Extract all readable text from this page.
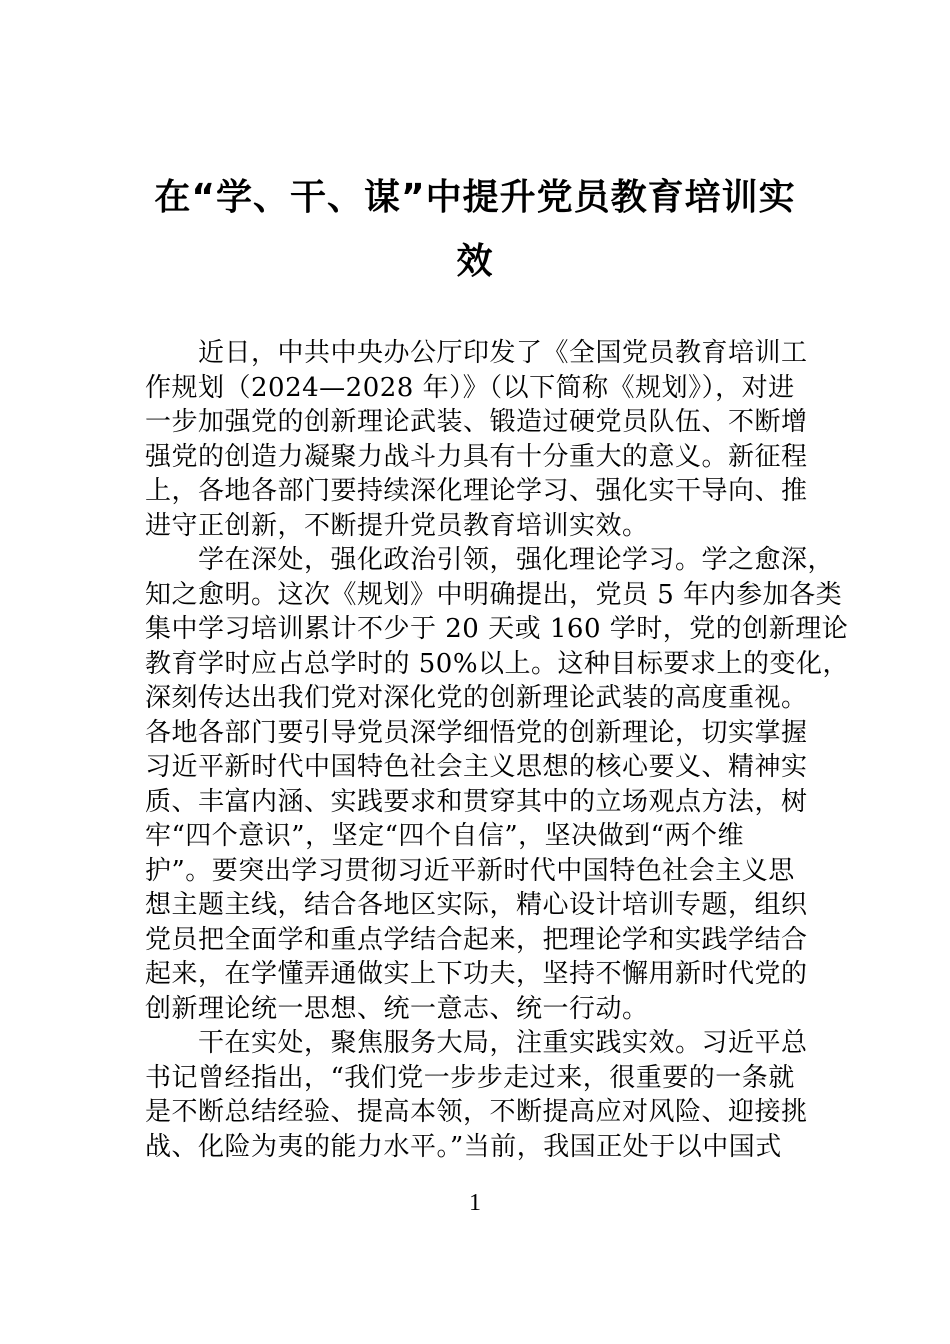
在“学、干、谋”中提升党员教育培训实
效

　　近日，中共中央办公厅印发了《全国党员教育培训工
作规划（2024—2028 年）》（以下简称《规划》），对进
一步加强党的创新理论武装、锻造过硬党员队伍、不断增
强党的创造力凝聚力战斗力具有十分重大的意义。新征程
上，各地各部门要持续深化理论学习、强化实干导向、推
进守正创新，不断提升党员教育培训实效。

　　学在深处，强化政治引领，强化理论学习。学之愈深，
知之愈明。这次《规划》中明确提出，党员 5 年内参加各类
集中学习培训累计不少于 20 天或 160 学时，党的创新理论
教育学时应占总学时的 50%以上。这种目标要求上的变化，
深刻传达出我们党对深化党的创新理论武装的高度重视。
各地各部门要引导党员深学细悟党的创新理论，切实掌握
习近平新时代中国特色社会主义思想的核心要义、精神实
质、丰富内涵、实践要求和贯穿其中的立场观点方法，树
牢“四个意识”，坚定“四个自信”，坚决做到“两个维
护”。要突出学习贯彻习近平新时代中国特色社会主义思
想主题主线，结合各地区实际，精心设计培训专题，组织
党员把全面学和重点学结合起来，把理论学和实践学结合
起来，在学懂弄通做实上下功夫，坚持不懈用新时代党的
创新理论统一思想、统一意志、统一行动。

　　干在实处，聚焦服务大局，注重实践实效。习近平总
书记曾经指出，“我们党一步步走过来，很重要的一条就
是不断总结经验、提高本领，不断提高应对风险、迎接挑
战、化险为夷的能力水平。”当前，我国正处于以中国式

1
